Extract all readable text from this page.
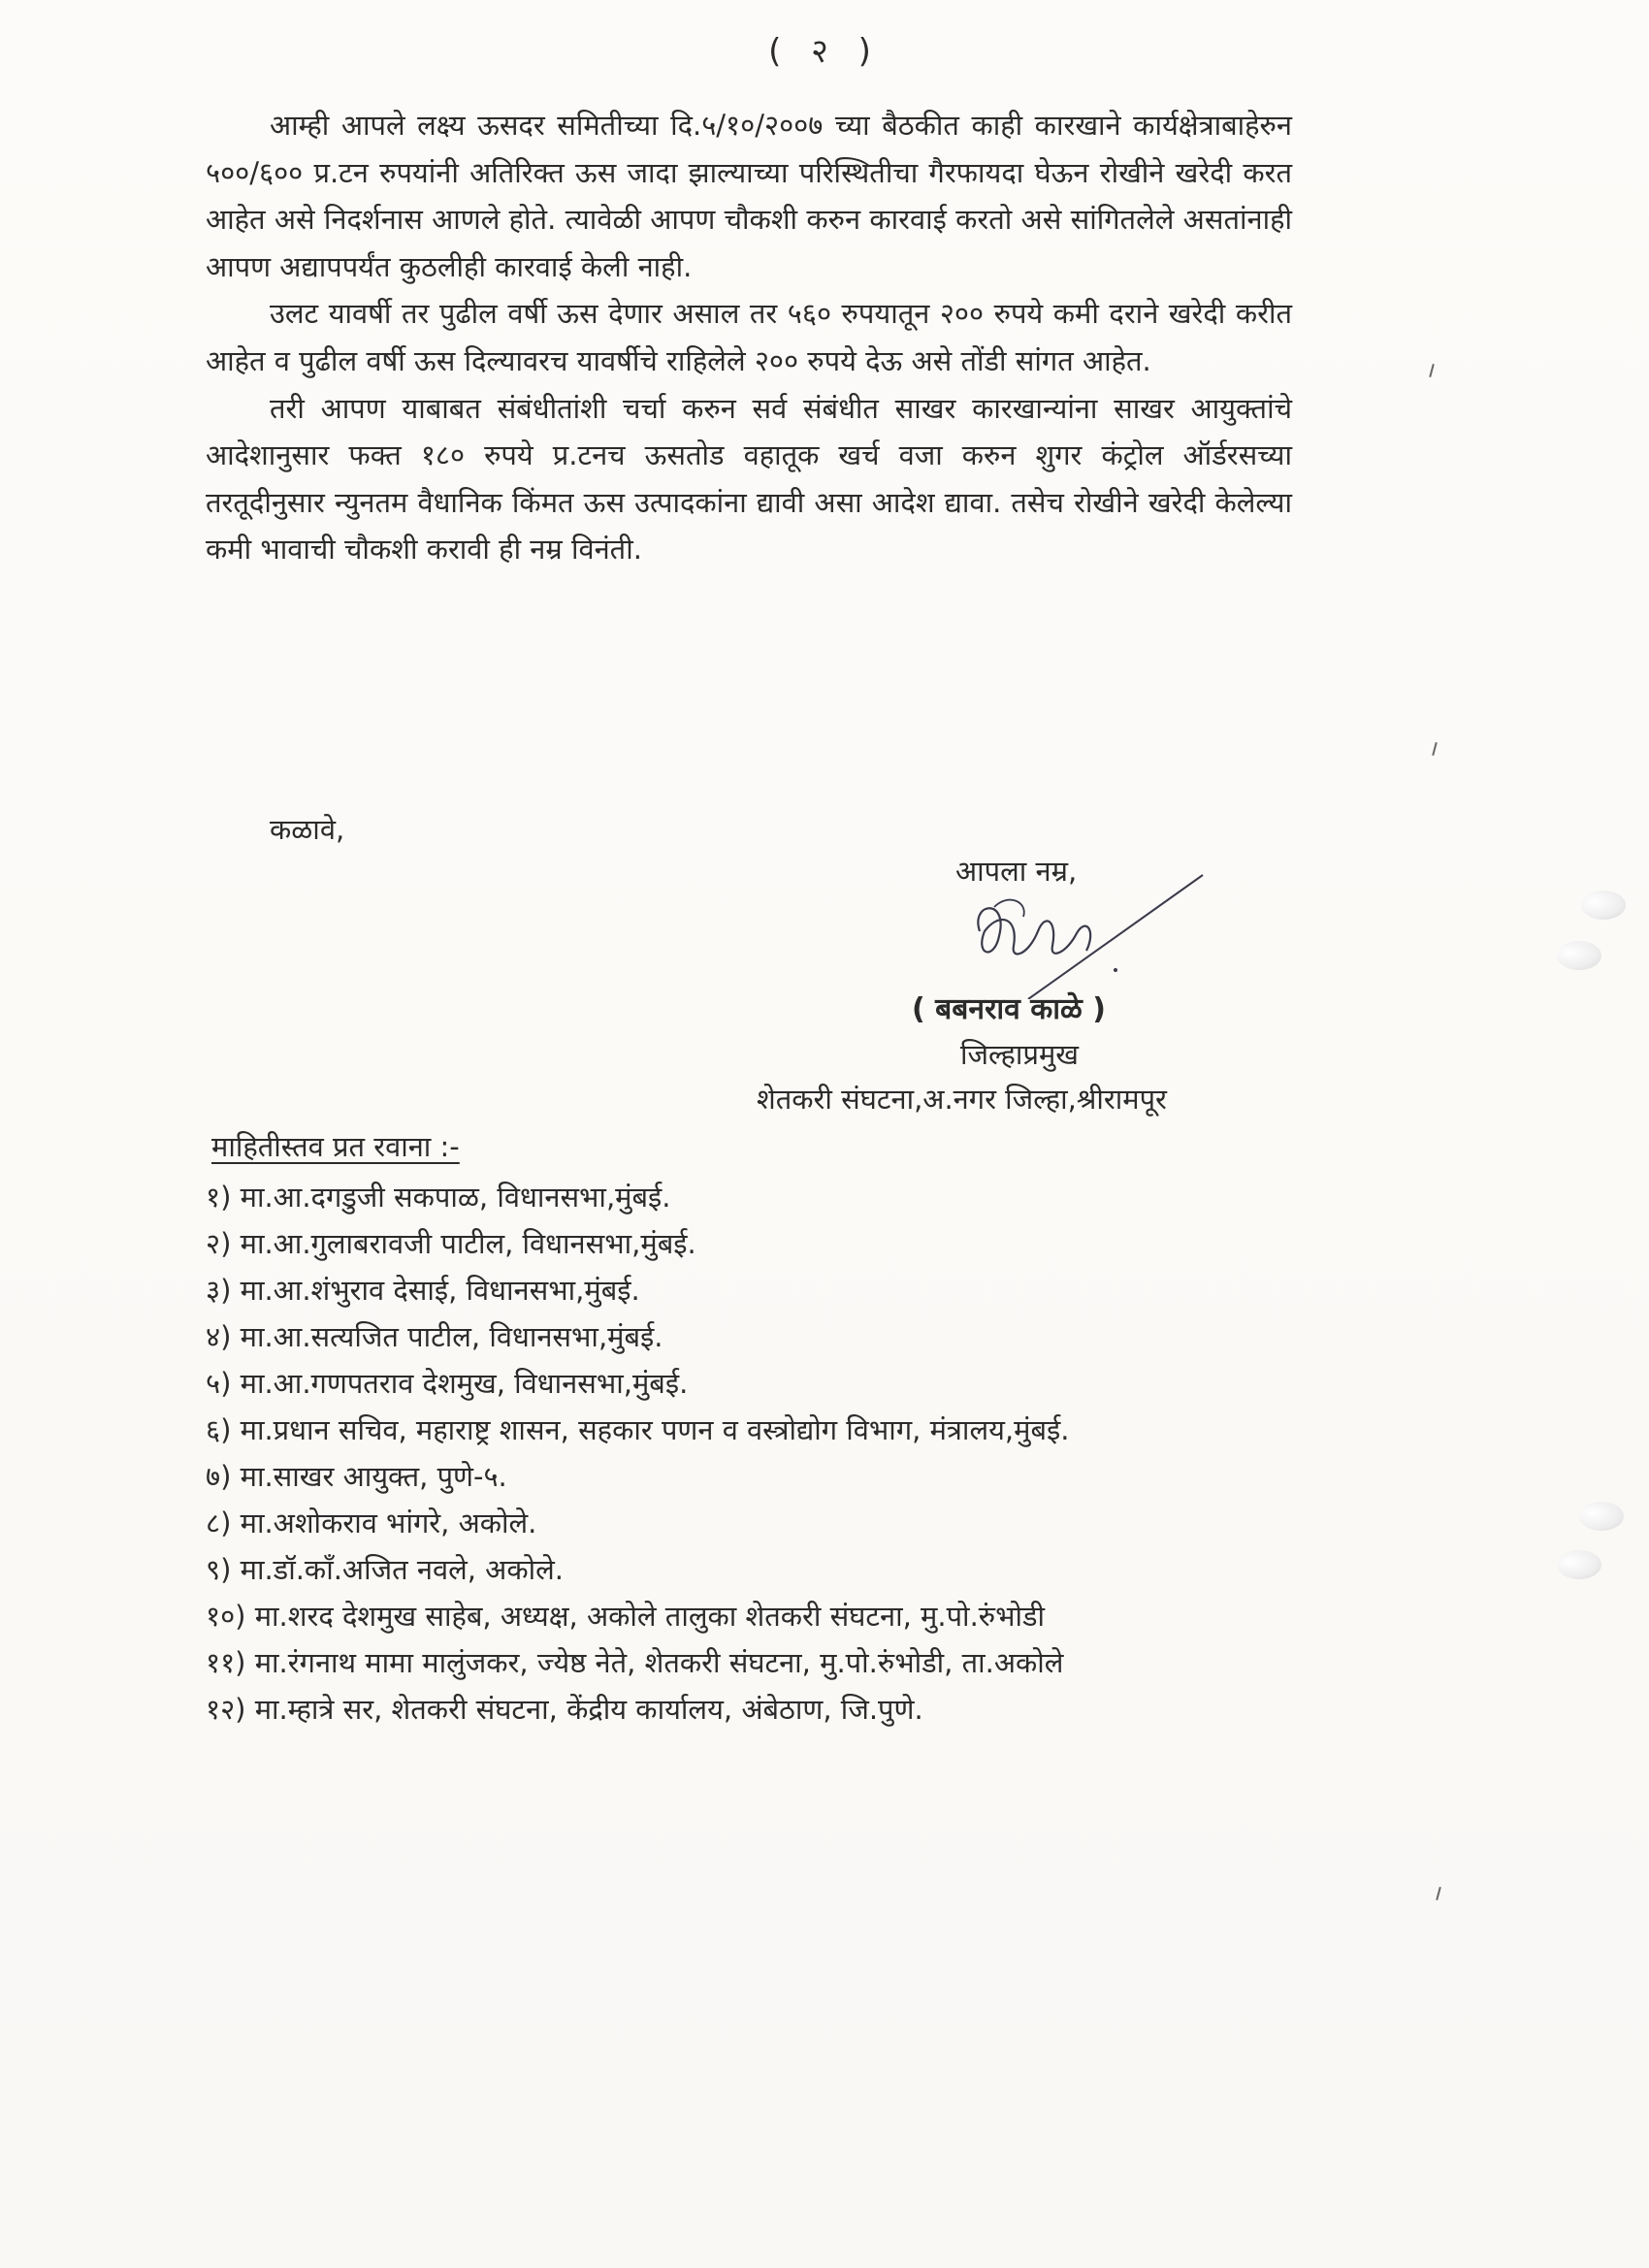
( २ )

आम्ही आपले लक्ष्य ऊसदर समितीच्या दि.५/१०/२००७ च्या बैठकीत काही कारखाने कार्यक्षेत्राबाहेरुन ५००/६०० प्र.टन रुपयांनी अतिरिक्त ऊस जादा झाल्याच्या परिस्थितीचा गैरफायदा घेऊन रोखीने खरेदी करत आहेत असे निदर्शनास आणले होते. त्यावेळी आपण चौकशी करुन कारवाई करतो असे सांगितलेले असतांनाही आपण अद्यापपर्यंत कुठलीही कारवाई केली नाही.

उलट यावर्षी तर पुढील वर्षी ऊस देणार असाल तर ५६० रुपयातून २०० रुपये कमी दराने खरेदी करीत आहेत व पुढील वर्षी ऊस दिल्यावरच यावर्षीचे राहिलेले २०० रुपये देऊ असे तोंडी सांगत आहेत.

तरी आपण याबाबत संबंधीतांशी चर्चा करुन सर्व संबंधीत साखर कारखान्यांना साखर आयुक्तांचे आदेशानुसार फक्त १८० रुपये प्र.टनच ऊसतोड वहातूक खर्च वजा करुन शुगर कंट्रोल ऑर्डरसच्या तरतूदीनुसार न्युनतम वैधानिक किंमत ऊस उत्पादकांना द्यावी असा आदेश द्यावा. तसेच रोखीने खरेदी केलेल्या कमी भावाची चौकशी करावी ही नम्र विनंती.

कळावे,
आपला नम्र,
( बबनराव काळे )
जिल्हाप्रमुख
शेतकरी संघटना,अ.नगर जिल्हा,श्रीरामपूर
माहितीस्तव प्रत रवाना :-
१) मा.आ.दगडुजी सकपाळ, विधानसभा,मुंबई.
२) मा.आ.गुलाबरावजी पाटील, विधानसभा,मुंबई.
३) मा.आ.शंभुराव देसाई, विधानसभा,मुंबई.
४) मा.आ.सत्यजित पाटील, विधानसभा,मुंबई.
५) मा.आ.गणपतराव देशमुख, विधानसभा,मुंबई.
६) मा.प्रधान सचिव, महाराष्ट्र शासन, सहकार पणन व वस्त्रोद्योग विभाग, मंत्रालय,मुंबई.
७) मा.साखर आयुक्त, पुणे-५.
८) मा.अशोकराव भांगरे, अकोले.
९) मा.डॉ.कॉं.अजित नवले, अकोले.
१०) मा.शरद देशमुख साहेब, अध्यक्ष, अकोले तालुका शेतकरी संघटना, मु.पो.रुंभोडी
११) मा.रंगनाथ मामा मालुंजकर, ज्येष्ठ नेते, शेतकरी संघटना, मु.पो.रुंभोडी, ता.अकोले
१२) मा.म्हात्रे सर, शेतकरी संघटना, केंद्रीय कार्यालय, अंबेठाण, जि.पुणे.
